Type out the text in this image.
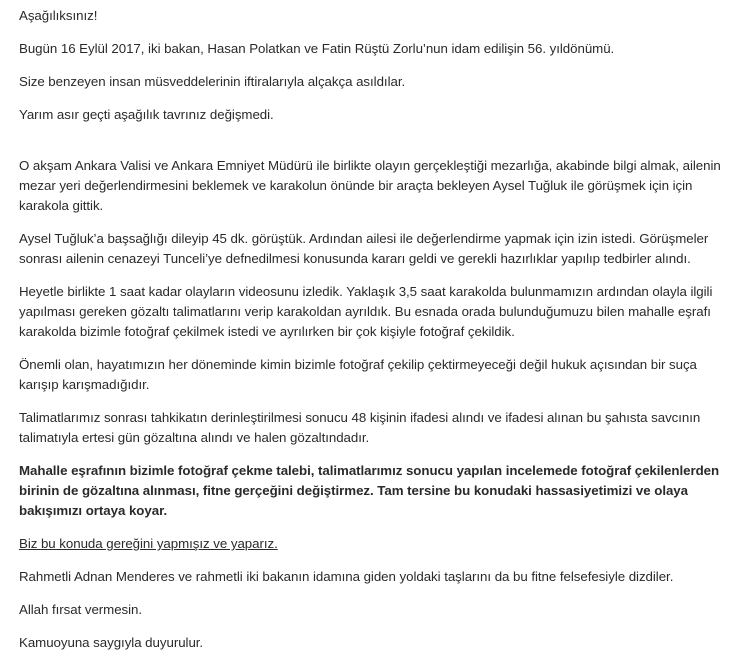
Aşağılıksınız!

Bugün 16 Eylül 2017, iki bakan, Hasan Polatkan ve Fatin Rüştü Zorlu’nun idam edilişin 56. yıldönümü.

Size benzeyen insan müsveddelerinin iftiralarıyla alçakça asıldılar.

Yarım asır geçti aşağılık tavrınız değişmedi.

O akşam Ankara Valisi ve Ankara Emniyet Müdürü ile birlikte olayın gerçekleştiği mezarlığa, akabinde bilgi almak, ailenin mezar yeri değerlendirmesini beklemek ve karakolun önünde bir araçta bekleyen Aysel Tuğluk ile görüşmek için için karakola gittik.

Aysel Tuğluk’a başsağlığı dileyip 45 dk. görüştük. Ardından ailesi ile değerlendirme yapmak için izin istedi. Görüşmeler sonrası ailenin cenazeyi Tunceli’ye defnedilmesi konusunda kararı geldi ve gerekli hazırlıklar yapılıp tedbirler alındı.

Heyetle birlikte 1 saat kadar olayların videosunu izledik. Yaklaşık 3,5 saat karakolda bulunmamızın ardından olayla ilgili yapılması gereken gözaltı talimatlarını verip karakoldan ayrıldık. Bu esnada orada bulunduğumuzu bilen mahalle eşrafı karakolda bizimle fotoğraf çekilmek istedi ve ayrılırken bir çok kişiyle fotoğraf çekildik.

Önemli olan, hayatımızın her döneminde kimin bizimle fotoğraf çekilip çektirmeyeceği değil hukuk açısından bir suça karışıp karışmadığıdır.

Talimatlarımız sonrası tahkikatın derinleştirilmesi sonucu 48 kişinin ifadesi alındı ve ifadesi alınan bu şahısta savcının talimatıyla ertesi gün gözaltına alındı ve halen gözaltındadır.

Mahalle eşrafının bizimle fotoğraf çekme talebi, talimatlarımız sonucu yapılan incelemede fotoğraf çekilenlerden birinin de gözaltına alınması, fitne gerçeğini değiştirmez. Tam tersine bu konudaki hassasiyetimizi ve olaya bakışımızı ortaya koyar.

Biz bu konuda gereğini yapmışız ve yaparız.

Rahmetli Adnan Menderes ve rahmetli iki bakanın idamına giden yoldaki taşlarını da bu fitne felsefesiyle dizdiler.

Allah fırsat vermesin.

Kamuoyuna saygıyla duyurulur.
